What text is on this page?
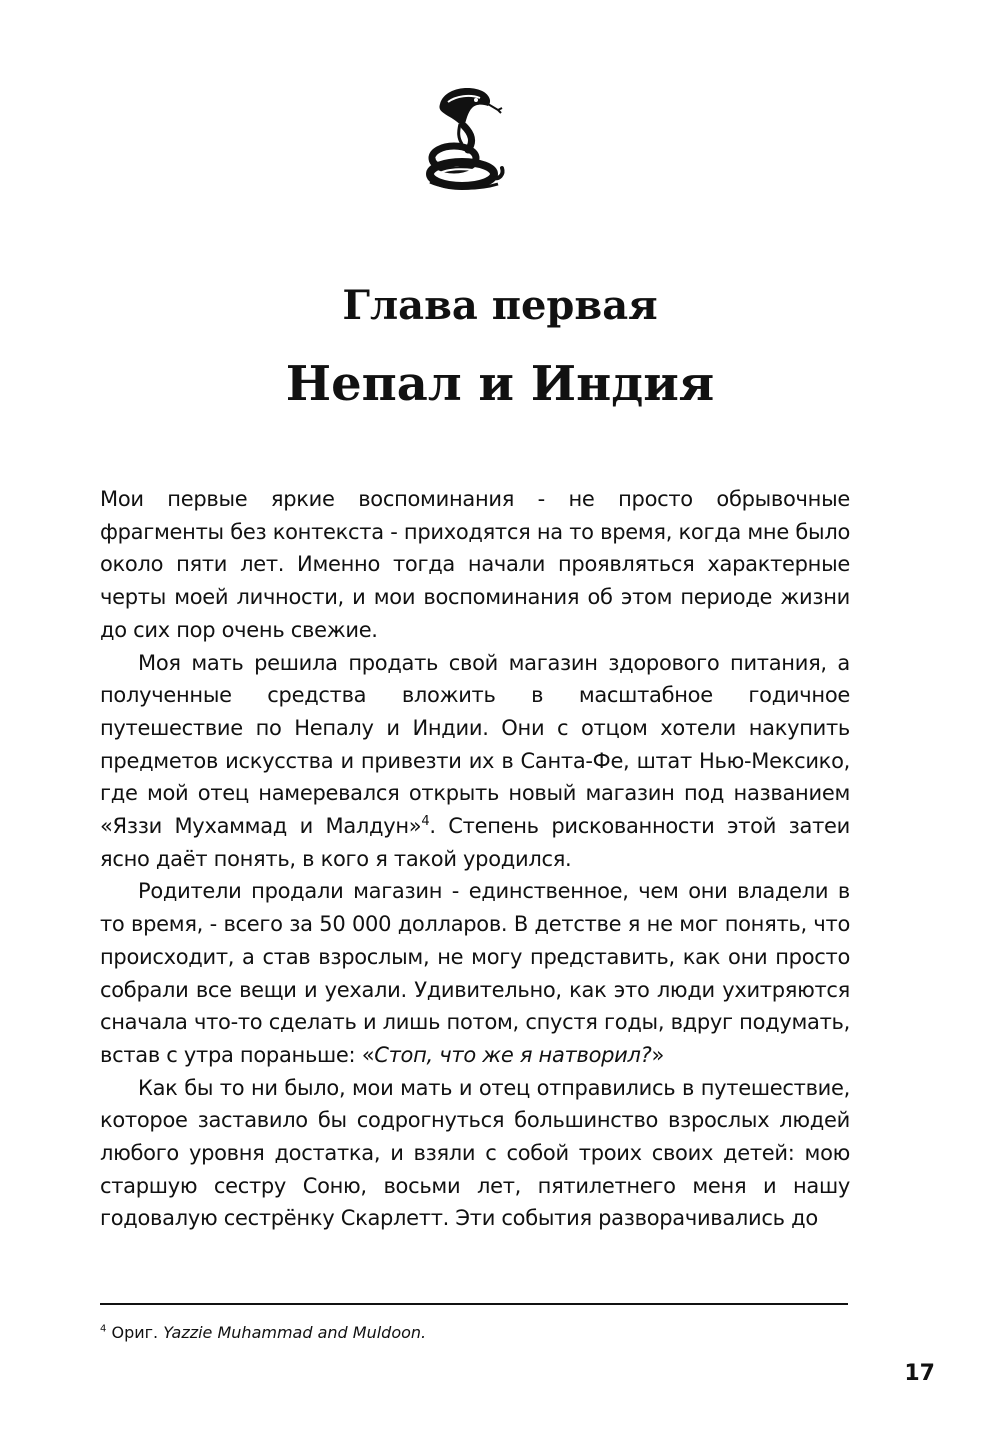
Глава первая
Непал и Индия

Мои первые яркие воспоминания - не просто обрывочные фрагменты без контекста - приходятся на то время, когда мне было около пяти лет. Именно тогда начали проявляться характерные черты моей личности, и мои воспоминания об этом периоде жизни до сих пор очень свежие.

Моя мать решила продать свой магазин здорового питания, а полученные средства вложить в масштабное годичное путешествие по Непалу и Индии. Они с отцом хотели накупить предметов искусства и привезти их в Санта-Фе, штат Нью-Мексико, где мой отец намеревался открыть новый магазин под названием «Яззи Мухаммад и Малдун»$^4$. Степень рискованности этой затеи ясно даёт понять, в кого я такой уродился.

Родители продали магазин - единственное, чем они владели в то время, - всего за 50 000 долларов. В детстве я не мог понять, что происходит, а став взрослым, не могу представить, как они просто собрали все вещи и уехали. Удивительно, как это люди ухитряются сначала что-то сделать и лишь потом, спустя годы, вдруг подумать, встав с утра пораньше: «Стоп, что же я натворил?»

Как бы то ни было, мои мать и отец отправились в путешествие, которое заставило бы содрогнуться большинство взрослых людей любого уровня достатка, и взяли с собой троих своих детей: мою старшую сестру Соню, восьми лет, пятилетнего меня и нашу годовалую сестрёнку Скарлетт. Эти события разворачивались до

$^4$ Ориг. Yazzie Muhammad and Muldoon.
17
